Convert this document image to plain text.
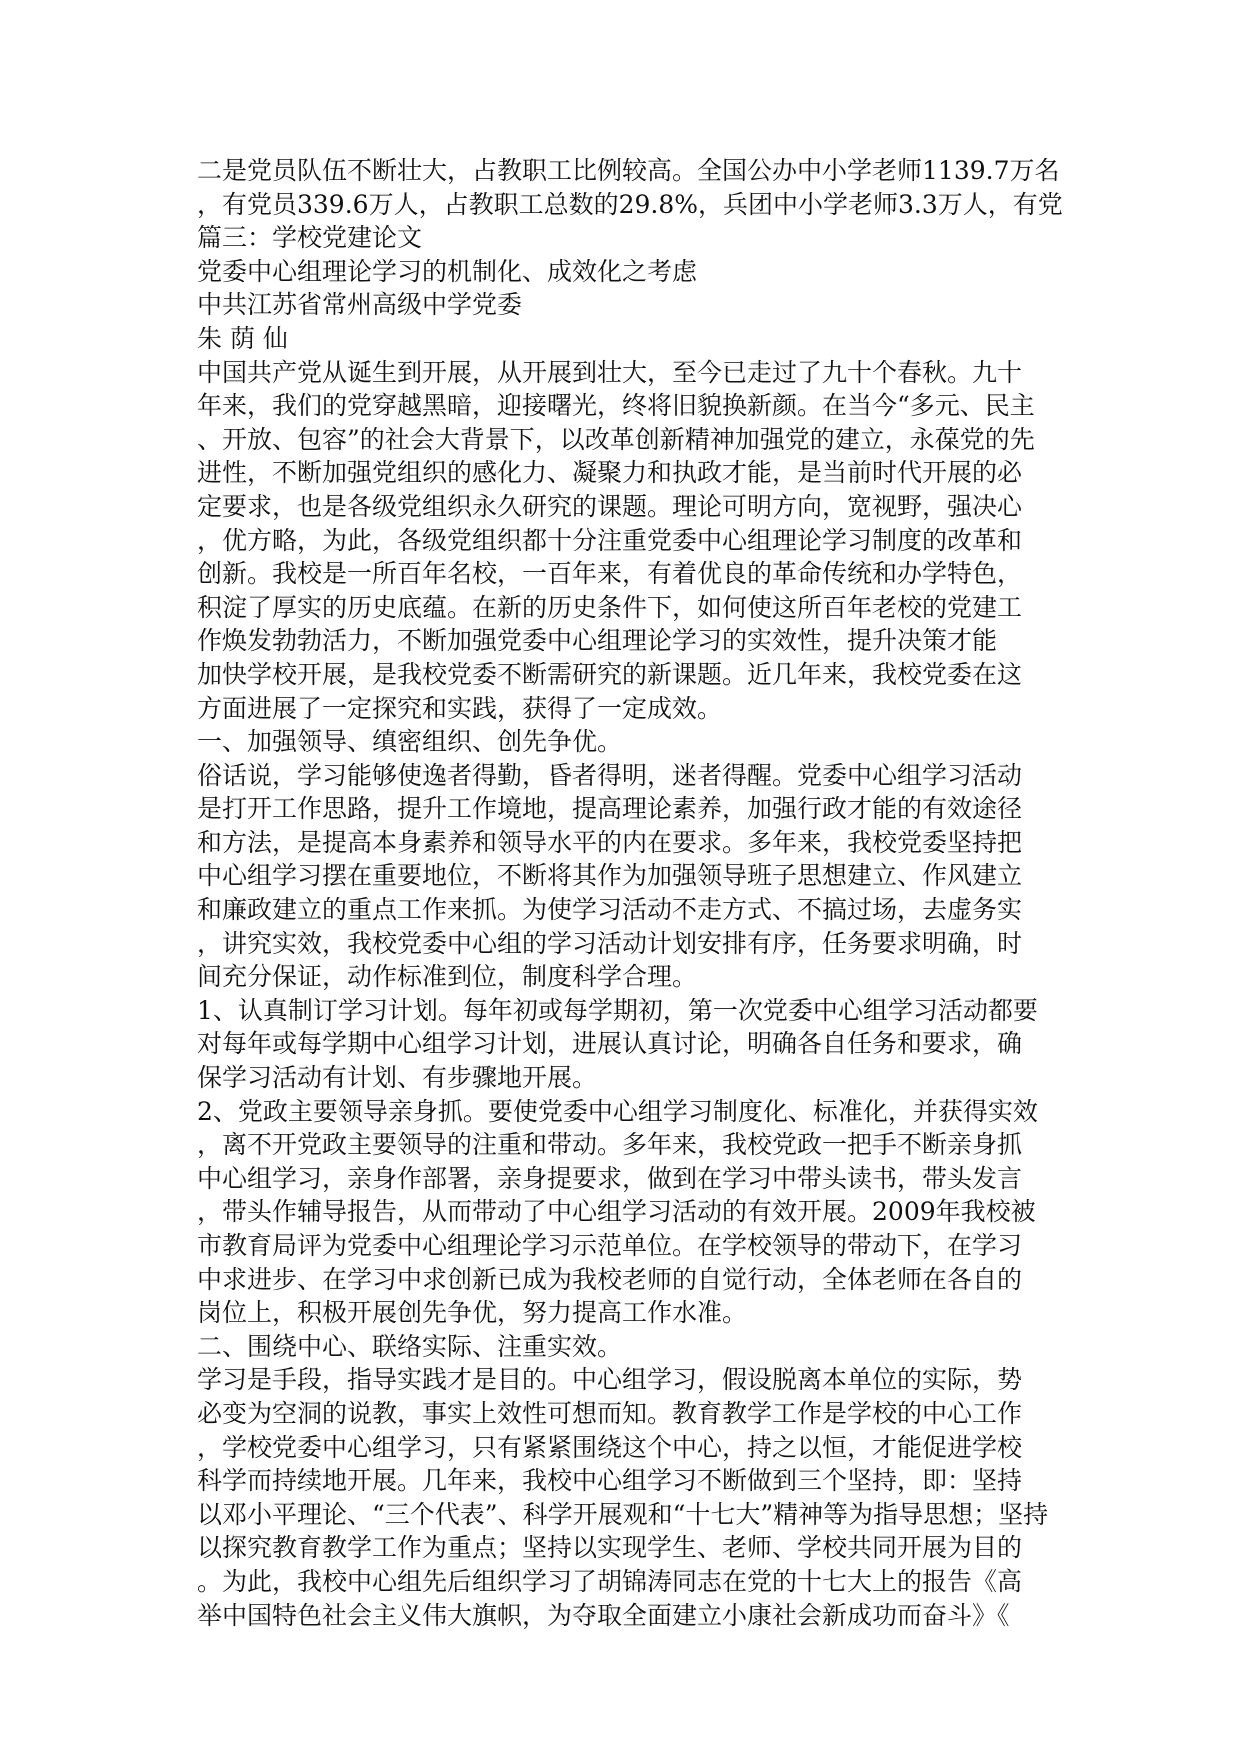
二是党员队伍不断壮大，占教职工比例较高。全国公办中小学老师1139.7万名
，有党员339.6万人，占教职工总数的29.8%，兵团中小学老师3.3万人，有党
篇三：学校党建论文
党委中心组理论学习的机制化、成效化之考虑
中共江苏省常州高级中学党委
朱 荫 仙
中国共产党从诞生到开展，从开展到壮大，至今已走过了九十个春秋。九十
年来，我们的党穿越黑暗，迎接曙光，终将旧貌换新颜。在当今“多元、民主
、开放、包容”的社会大背景下，以改革创新精神加强党的建立，永葆党的先
进性，不断加强党组织的感化力、凝聚力和执政才能，是当前时代开展的必
定要求，也是各级党组织永久研究的课题。理论可明方向，宽视野，强决心
，优方略，为此，各级党组织都十分注重党委中心组理论学习制度的改革和
创新。我校是一所百年名校，一百年来，有着优良的革命传统和办学特色，
积淀了厚实的历史底蕴。在新的历史条件下，如何使这所百年老校的党建工
作焕发勃勃活力，不断加强党委中心组理论学习的实效性，提升决策才能
加快学校开展，是我校党委不断需研究的新课题。近几年来，我校党委在这
方面进展了一定探究和实践，获得了一定成效。
一、加强领导、缜密组织、创先争优。
俗话说，学习能够使逸者得勤，昏者得明，迷者得醒。党委中心组学习活动
是打开工作思路，提升工作境地，提高理论素养，加强行政才能的有效途径
和方法，是提高本身素养和领导水平的内在要求。多年来，我校党委坚持把
中心组学习摆在重要地位，不断将其作为加强领导班子思想建立、作风建立
和廉政建立的重点工作来抓。为使学习活动不走方式、不搞过场，去虚务实
，讲究实效，我校党委中心组的学习活动计划安排有序，任务要求明确，时
间充分保证，动作标准到位，制度科学合理。
1、认真制订学习计划。每年初或每学期初，第一次党委中心组学习活动都要
对每年或每学期中心组学习计划，进展认真讨论，明确各自任务和要求，确
保学习活动有计划、有步骤地开展。
2、党政主要领导亲身抓。要使党委中心组学习制度化、标准化，并获得实效
，离不开党政主要领导的注重和带动。多年来，我校党政一把手不断亲身抓
中心组学习，亲身作部署，亲身提要求，做到在学习中带头读书，带头发言
，带头作辅导报告，从而带动了中心组学习活动的有效开展。2009年我校被
市教育局评为党委中心组理论学习示范单位。在学校领导的带动下，在学习
中求进步、在学习中求创新已成为我校老师的自觉行动，全体老师在各自的
岗位上，积极开展创先争优，努力提高工作水准。
二、围绕中心、联络实际、注重实效。
学习是手段，指导实践才是目的。中心组学习，假设脱离本单位的实际，势
必变为空洞的说教，事实上效性可想而知。教育教学工作是学校的中心工作
，学校党委中心组学习，只有紧紧围绕这个中心，持之以恒，才能促进学校
科学而持续地开展。几年来，我校中心组学习不断做到三个坚持，即：坚持
以邓小平理论、“三个代表”、科学开展观和“十七大”精神等为指导思想；坚持
以探究教育教学工作为重点；坚持以实现学生、老师、学校共同开展为目的
。为此，我校中心组先后组织学习了胡锦涛同志在党的十七大上的报告《高
举中国特色社会主义伟大旗帜，为夺取全面建立小康社会新成功而奋斗》《
